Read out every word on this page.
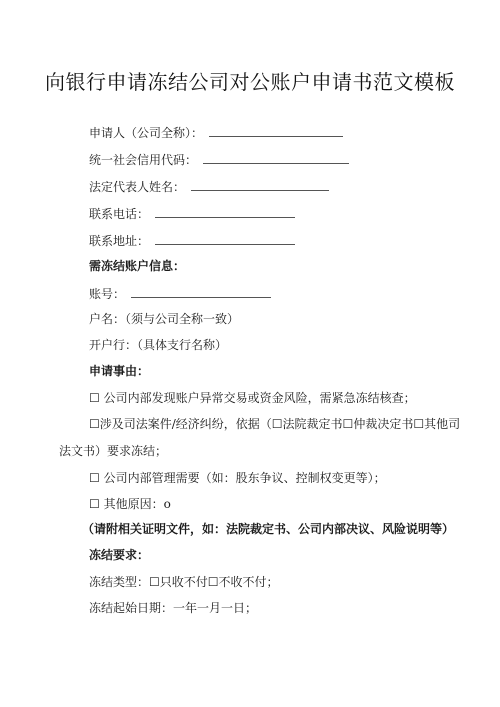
向银行申请冻结公司对公账户申请书范文模板
申请人（公司全称）：
统一社会信用代码：
法定代表人姓名：
联系电话：
联系地址：
需冻结账户信息：
账号：
户名：（须与公司全称一致）
开户行：（具体支行名称）
申请事由：
☐ 公司内部发现账户异常交易或资金风险，需紧急冻结核查；
☐涉及司法案件/经济纠纷，依据（☐法院裁定书☐仲裁决定书☐其他司
法文书）要求冻结；
☐ 公司内部管理需要（如：股东争议、控制权变更等）；
☐ 其他原因：o
（请附相关证明文件，如：法院裁定书、公司内部决议、风险说明等）
冻结要求：
冻结类型：☐只收不付☐不收不付；
冻结起始日期：一年一月一日；
